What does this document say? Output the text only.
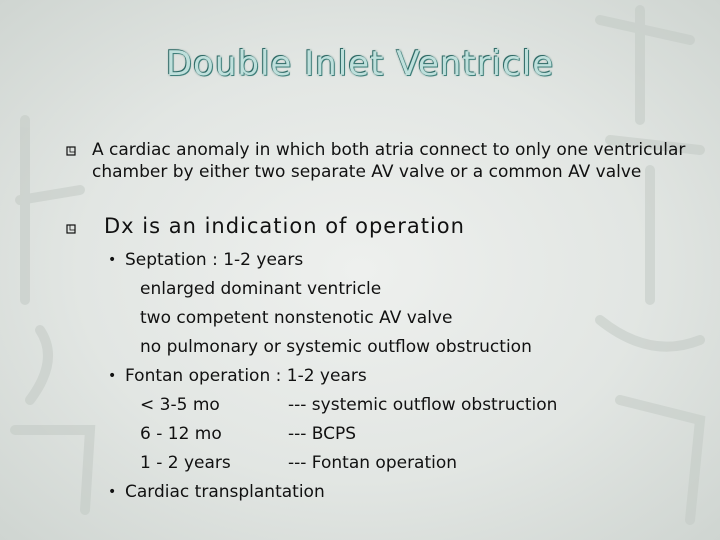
Double Inlet Ventricle
A cardiac anomaly in which both atria connect to only one ventricular chamber by either two separate AV valve or a common AV valve
Dx is an indication of operation
• Septation : 1-2 years
enlarged dominant ventricle
two competent nonstenotic AV valve
no pulmonary or systemic outflow obstruction
• Fontan operation : 1-2 years
< 3-5 mo	--- systemic outflow obstruction
6 - 12 mo	--- BCPS
1 - 2 years	--- Fontan operation
• Cardiac transplantation
